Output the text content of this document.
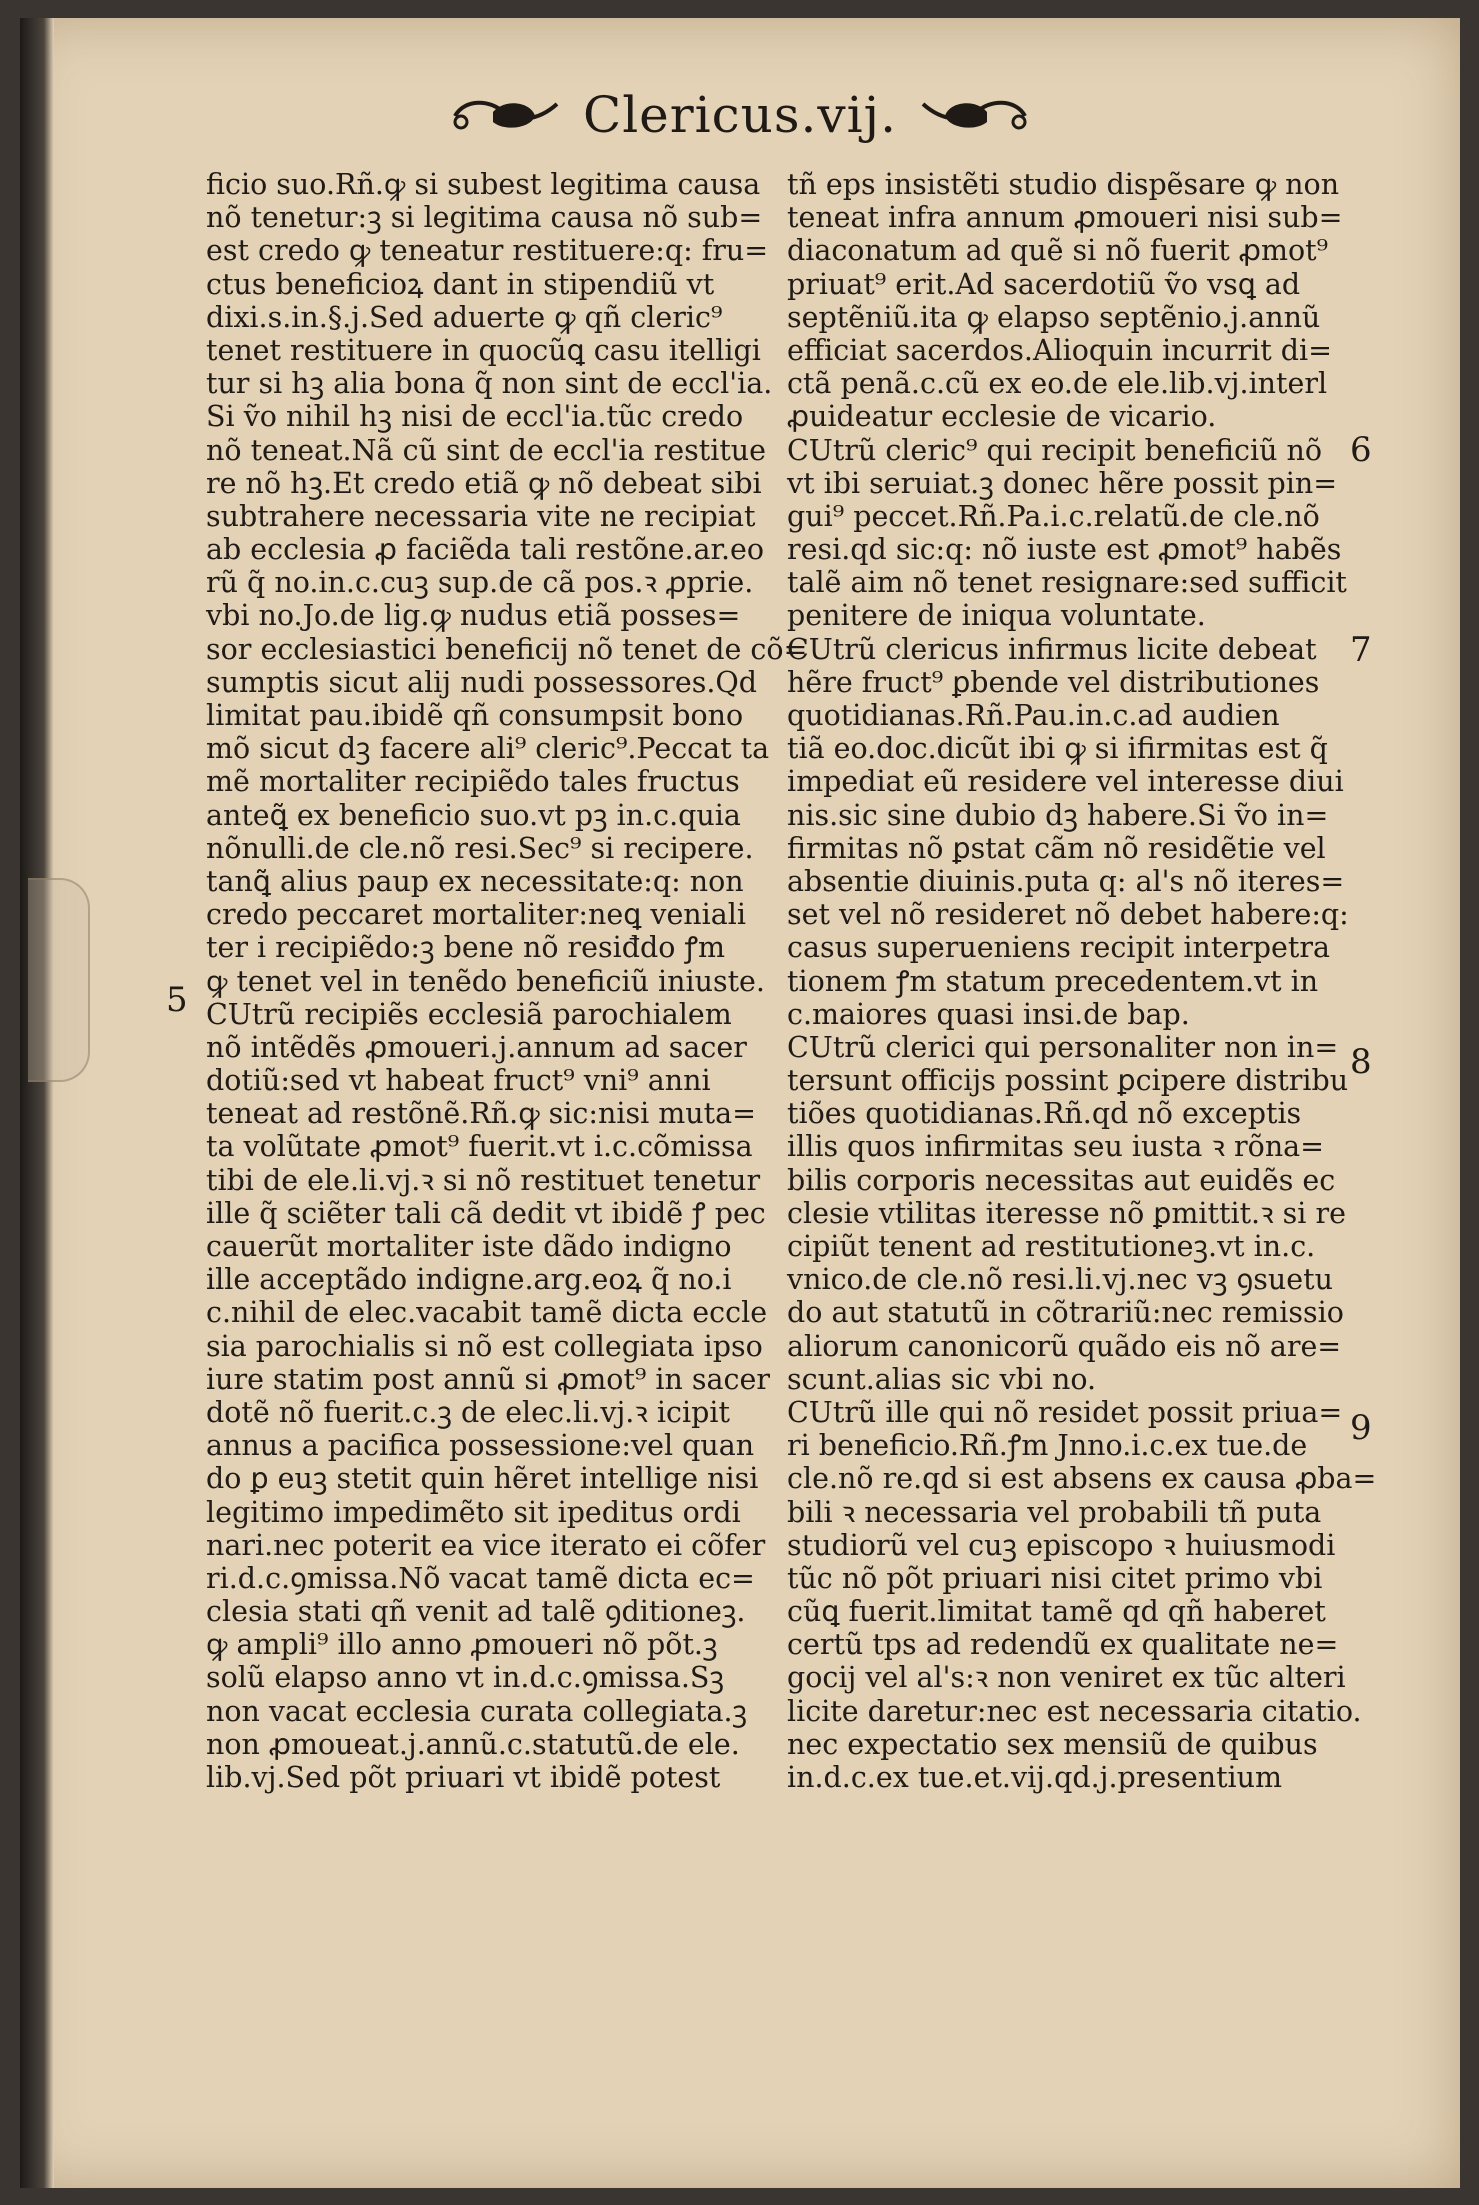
Clericus.vij.
ficio suo.Rñ.ꝙ si subest legitima causa
nõ tenetur:ꝫ si legitima causa nõ sub=
est credo ꝙ teneatur restituere:q: fru=
ctus beneficioꝝ dant in stipendiũ vt
dixi.s.in.§.j.Sed aduerte ꝙ qñ cleric⁹
tenet restituere in quocũꝗ casu itelligi
tur si hꝫ alia bona q̃ non sint de eccl'ia.
Si ṽo nihil hꝫ nisi de eccl'ia.tũc credo
nõ teneat.Nã cũ sint de eccl'ia restitue
re nõ hꝫ.Et credo etiã ꝙ nõ debeat sibi
subtrahere necessaria vite ne recipiat
ab ecclesia ꝓ faciẽda tali restõne.ar.eo
rũ q̃ no.in.c.cuꝫ sup.de cã pos.ꝛ ꝓprie.
vbi no.Jo.de lig.ꝙ nudus etiã posses=
sor ecclesiastici beneficij nõ tenet de cõ=
sumptis sicut alij nudi possessores.Qd
limitat pau.ibidẽ qñ consumpsit bono
mõ sicut dꝫ facere ali⁹ cleric⁹.Peccat ta
mẽ mortaliter recipiẽdo tales fructus
anteꝗ̃ ex beneficio suo.vt pꝫ in.c.quia
nõnulli.de cle.nõ resi.Sec⁹ si recipere.
tanꝗ̃ alius paup ex necessitate:q: non
credo peccaret mortaliter:neꝗ veniali
ter i recipiẽdo:ꝫ bene nõ resiđdo ꝭm
ꝙ tenet vel in tenẽdo beneficiũ iniuste.
CUtrũ recipiẽs ecclesiã parochialem
nõ intẽdẽs ꝓmoueri.j.annum ad sacer
dotiũ:sed vt habeat fruct⁹ vni⁹ anni
teneat ad restõnẽ.Rñ.ꝙ sic:nisi muta=
ta volũtate ꝓmot⁹ fuerit.vt i.c.cõmissa
tibi de ele.li.vj.ꝛ si nõ restituet tenetur
ille q̃ sciẽter tali cã dedit vt ibidẽ ꝭ pec
cauerũt mortaliter iste dãdo indigno
ille acceptãdo indigne.arg.eoꝝ q̃ no.i
c.nihil de elec.vacabit tamẽ dicta eccle
sia parochialis si nõ est collegiata ipso
iure statim post annũ si ꝓmot⁹ in sacer
dotẽ nõ fuerit.c.ꝫ de elec.li.vj.ꝛ icipit
annus a pacifica possessione:vel quan
do ꝑ euꝫ stetit quin hẽret intellige nisi
legitimo impedimẽto sit ipeditus ordi
nari.nec poterit ea vice iterato ei cõfer
ri.d.c.ꝯmissa.Nõ vacat tamẽ dicta ec=
clesia stati qñ venit ad talẽ ꝯditioneꝫ.
ꝙ ampli⁹ illo anno ꝓmoueri nõ põt.ꝫ
solũ elapso anno vt in.d.c.ꝯmissa.Sꝫ
non vacat ecclesia curata collegiata.ꝫ
non ꝓmoueat.j.annũ.c.statutũ.de ele.
lib.vj.Sed põt priuari vt ibidẽ potest
tñ eps insistẽti studio dispẽsare ꝙ non
teneat infra annum ꝓmoueri nisi sub=
diaconatum ad quẽ si nõ fuerit ꝓmot⁹
priuat⁹ erit.Ad sacerdotiũ ṽo vsꝗ ad
septẽniũ.ita ꝙ elapso septẽnio.j.annũ
efficiat sacerdos.Alioquin incurrit di=
ctã penã.c.cũ ex eo.de ele.lib.vj.interl
ꝓuideatur ecclesie de vicario.
CUtrũ cleric⁹ qui recipit beneficiũ nõ
vt ibi seruiat.ꝫ donec hẽre possit pin=
gui⁹ peccet.Rñ.Pa.i.c.relatũ.de cle.nõ
resi.qd sic:q: nõ iuste est ꝓmot⁹ habẽs
talẽ aim nõ tenet resignare:sed sufficit
penitere de iniqua voluntate.
CUtrũ clericus infirmus licite debeat
hẽre fruct⁹ ꝑbende vel distributiones
quotidianas.Rñ.Pau.in.c.ad audien
tiã eo.doc.dicũt ibi ꝙ si ifirmitas est q̃
impediat eũ residere vel interesse diui
nis.sic sine dubio dꝫ habere.Si ṽo in=
firmitas nõ ꝑstat cãm nõ residẽtie vel
absentie diuinis.puta q: al's nõ iteres=
set vel nõ resideret nõ debet habere:q:
casus superueniens recipit interpetra
tionem ꝭm statum precedentem.vt in
c.maiores quasi insi.de bap.
CUtrũ clerici qui personaliter non in=
tersunt officijs possint ꝑcipere distribu
tiões quotidianas.Rñ.qd nõ exceptis
illis quos infirmitas seu iusta ꝛ rõna=
bilis corporis necessitas aut euidẽs ec
clesie vtilitas iteresse nõ ꝑmittit.ꝛ si re
cipiũt tenent ad restitutioneꝫ.vt in.c.
vnico.de cle.nõ resi.li.vj.nec vꝫ ꝯsuetu
do aut statutũ in cõtrariũ:nec remissio
aliorum canonicorũ quãdo eis nõ are=
scunt.alias sic vbi no.
CUtrũ ille qui nõ residet possit priua=
ri beneficio.Rñ.ꝭm Jnno.i.c.ex tue.de
cle.nõ re.qd si est absens ex causa ꝓba=
bili ꝛ necessaria vel probabili tñ puta
studiorũ vel cuꝫ episcopo ꝛ huiusmodi
tũc nõ põt priuari nisi citet primo vbi
cũꝗ fuerit.limitat tamẽ qd qñ haberet
certũ tps ad redendũ ex qualitate ne=
gocij vel al's:ꝛ non veniret ex tũc alteri
licite daretur:nec est necessaria citatio.
nec expectatio sex mensiũ de quibus
in.d.c.ex tue.et.vij.qd.j.presentium
5
6
7
8
9
